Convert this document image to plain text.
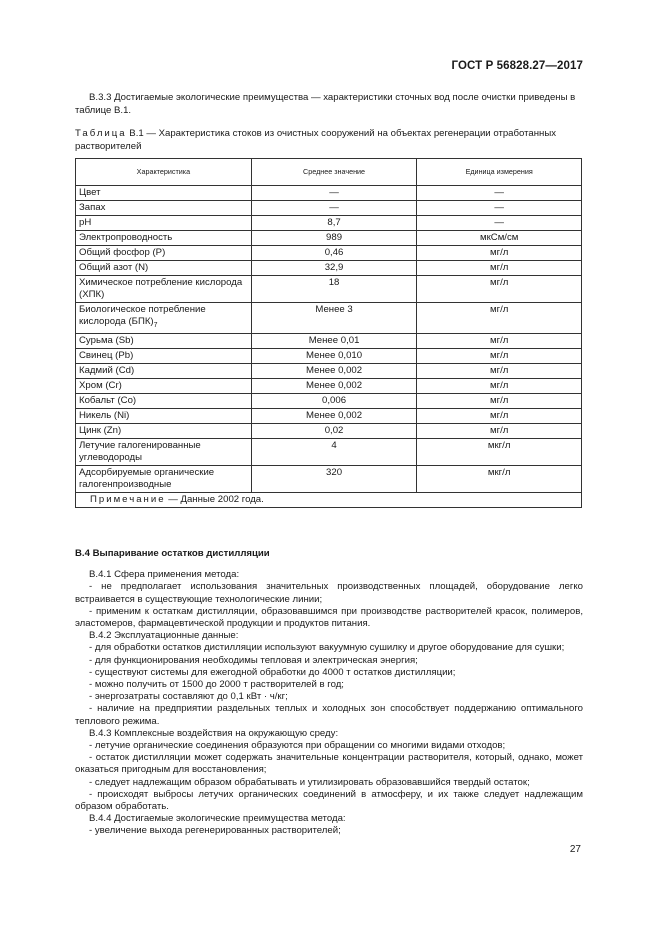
ГОСТ Р 56828.27—2017
В.3.3 Достигаемые экологические преимущества — характеристики сточных вод после очистки приведены в таблице В.1.
Таблица В.1 — Характеристика стоков из очистных сооружений на объектах регенерации отработанных растворителей
Характеристика	Среднее значение	Единица измерения
Цвет	—	—
Запах	—	—
pH	8,7	—
Электропроводность	989	мкСм/см
Общий фосфор (P)	0,46	мг/л
Общий азот (N)	32,9	мг/л
Химическое потребление кислорода (ХПК)	18	мг/л
Биологическое потребление кислорода $(БПК)_7$	Менее 3	мг/л
Сурьма (Sb)	Менее 0,01	мг/л
Свинец (Pb)	Менее 0,010	мг/л
Кадмий (Cd)	Менее 0,002	мг/л
Хром (Cr)	Менее 0,002	мг/л
Кобальт (Co)	0,006	мг/л
Никель (Ni)	Менее 0,002	мг/л
Цинк (Zn)	0,02	мг/л
Летучие галогенированные углеводороды	4	мкг/л
Адсорбируемые органические галогенпроизводные	320	мкг/л
Примечание — Данные 2002 года.		

В.4 Выпаривание остатков дистилляции

В.4.1 Сфера применения метода:

- не предполагает использования значительных производственных площадей, оборудование легко встраивается в существующие технологические линии;

- применим к остаткам дистилляции, образовавшимся при производстве растворителей красок, полимеров, эластомеров, фармацевтической продукции и продуктов питания.

В.4.2 Эксплуатационные данные:

- для обработки остатков дистилляции используют вакуумную сушилку и другое оборудование для сушки;

- для функционирования необходимы тепловая и электрическая энергия;

- существуют системы для ежегодной обработки до 4000 т остатков дистилляции;

- можно получить от 1500 до 2000 т растворителей в год;

- энергозатраты составляют до 0,1 кВт · ч/кг;

- наличие на предприятии раздельных теплых и холодных зон способствует поддержанию оптимального теплового режима.

В.4.3 Комплексные воздействия на окружающую среду:

- летучие органические соединения образуются при обращении со многими видами отходов;

- остаток дистилляции может содержать значительные концентрации растворителя, который, однако, может оказаться пригодным для восстановления;

- следует надлежащим образом обрабатывать и утилизировать образовавшийся твердый остаток;

- происходят выбросы летучих органических соединений в атмосферу, и их также следует надлежащим образом обработать.

В.4.4 Достигаемые экологические преимущества метода:

- увеличение выхода регенерированных растворителей;

27
